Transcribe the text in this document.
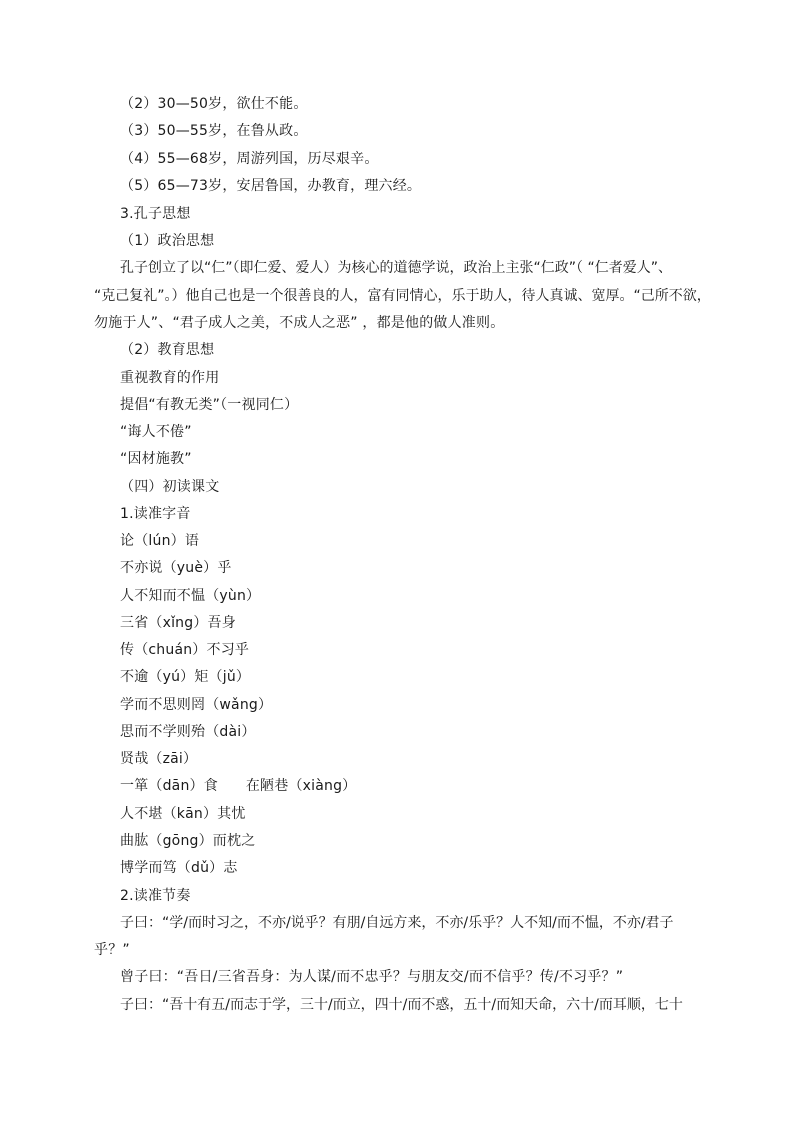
（2）30—50岁，欲仕不能。
（3）50—55岁，在鲁从政。
（4）55—68岁，周游列国，历尽艰辛。
（5）65—73岁，安居鲁国，办教育，理六经。
3.孔子思想
（1）政治思想
孔子创立了以“仁”（即仁爱、爱人）为核心的道德学说，政治上主张“仁政”（ “仁者爱人”、
“克己复礼”。）他自己也是一个很善良的人，富有同情心，乐于助人，待人真诚、宽厚。“己所不欲，
勿施于人”、“君子成人之美，不成人之恶” ，都是他的做人准则。
（2）教育思想
重视教育的作用
提倡“有教无类”（一视同仁）
“诲人不倦”
“因材施教”
（四）初读课文
1.读准字音
论（lún）语
不亦说（yuè）乎
人不知而不愠（yùn）
三省（xǐng）吾身
传（chuán）不习乎
不逾（yú）矩（jǔ）
学而不思则罔（wǎng）
思而不学则殆（dài）
贤哉（zāi）
一箪（dān）食      在陋巷（xiàng）
人不堪（kān）其忧
曲肱（gōng）而枕之
博学而笃（dǔ）志
2.读准节奏
子曰：“学/而时习之，不亦/说乎？有朋/自远方来，不亦/乐乎？人不知/而不愠，不亦/君子
乎？”
曾子曰：“吾日/三省吾身：为人谋/而不忠乎？与朋友交/而不信乎？传/不习乎？”
子曰：“吾十有五/而志于学，三十/而立，四十/而不惑，五十/而知天命，六十/而耳顺，七十
